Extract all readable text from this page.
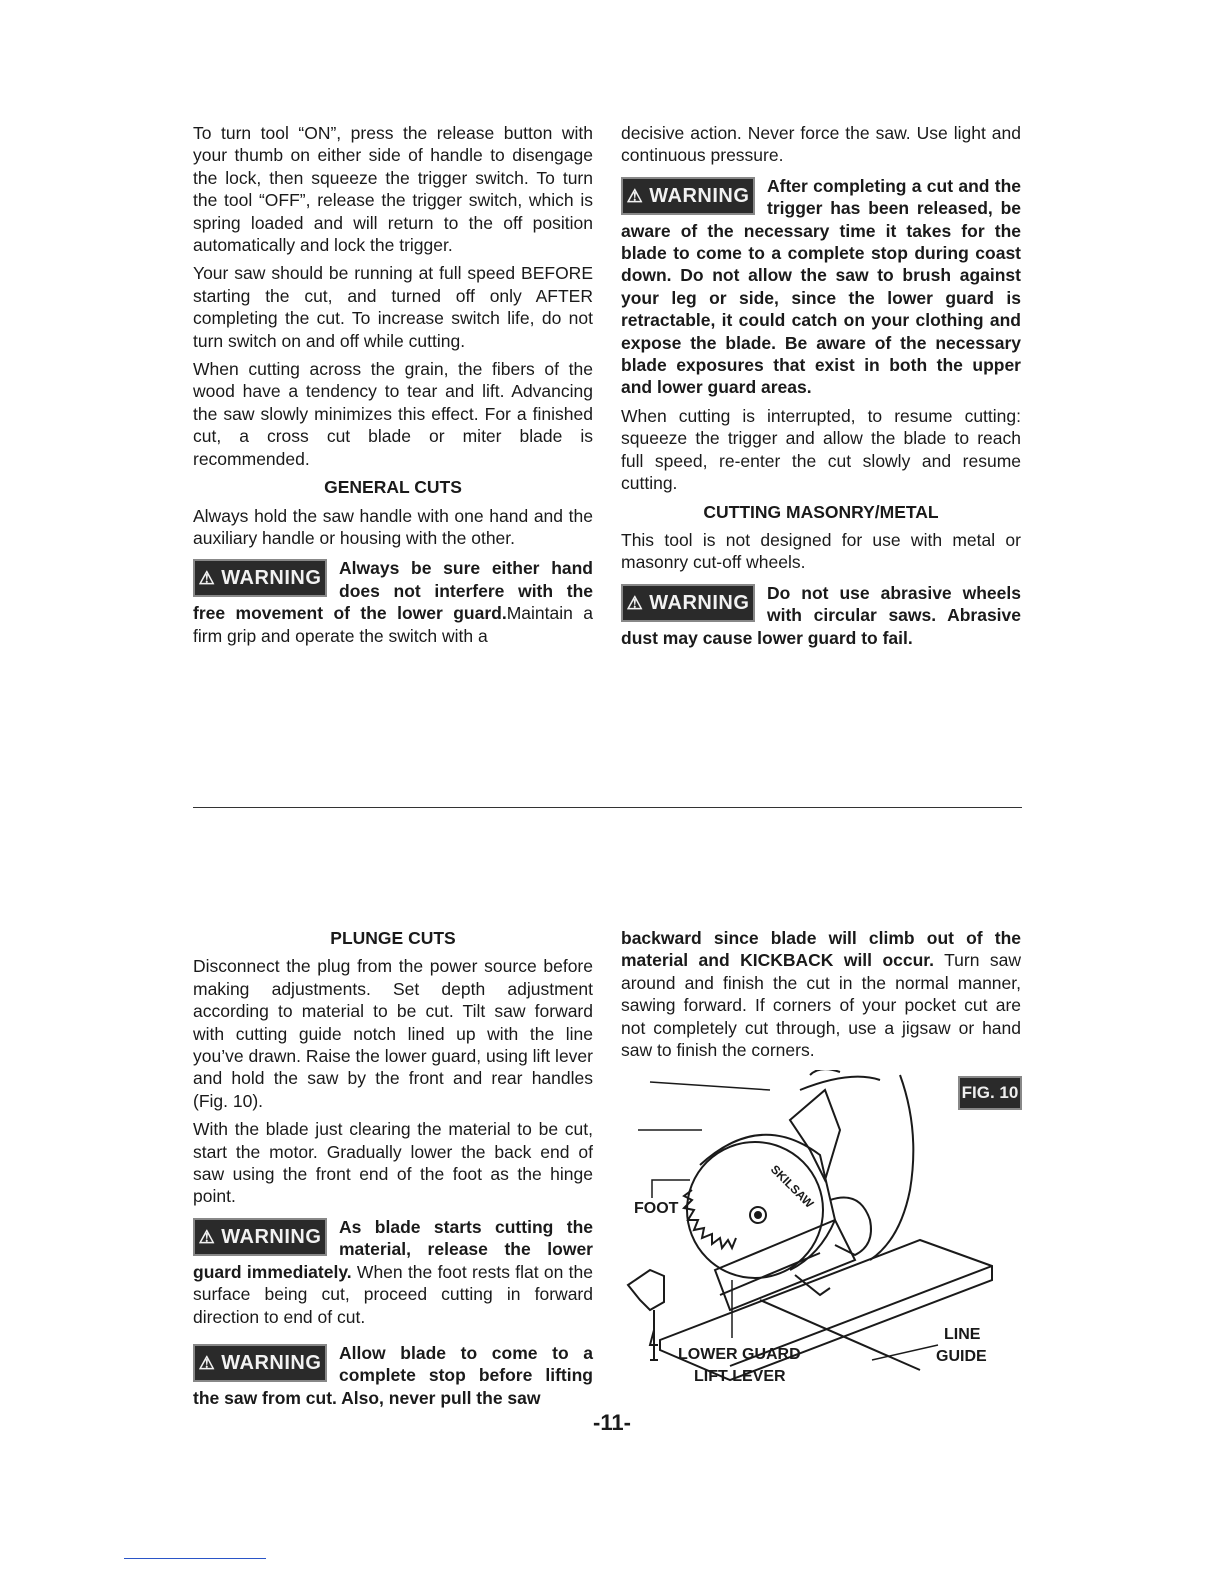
To turn tool “ON”, press the release button with your thumb on either side of handle to disengage the lock, then squeeze the trigger switch. To turn the tool “OFF”, release the trigger switch, which is spring loaded and will return to the off position automatically and lock the trigger.

Your saw should be running at full speed BEFORE starting the cut, and turned off only AFTER completing the cut. To increase switch life, do not turn switch on and off while cutting.

When cutting across the grain, the fibers of the wood have a tendency to tear and lift. Advancing the saw slowly minimizes this effect. For a finished cut, a cross cut blade or miter blade is recommended.

GENERAL CUTS

Always hold the saw handle with one hand and the auxiliary handle or housing with the other.

⚠ WARNING Always be sure either hand does not interfere with the free movement of the lower guard.Maintain a firm grip and operate the switch with a

decisive action. Never force the saw. Use light and continuous pressure.

⚠ WARNING After completing a cut and the trigger has been released, be aware of the necessary time it takes for the blade to come to a complete stop during coast down. Do not allow the saw to brush against your leg or side, since the lower guard is retractable, it could catch on your clothing and expose the blade. Be aware of the necessary blade exposures that exist in both the upper and lower guard areas.

When cutting is interrupted, to resume cutting: squeeze the trigger and allow the blade to reach full speed, re-enter the cut slowly and resume cutting.

CUTTING MASONRY/METAL

This tool is not designed for use with metal or masonry cut-off wheels.

⚠ WARNING Do not use abrasive wheels with circular saws. Abrasive dust may cause lower guard to fail.

PLUNGE CUTS

Disconnect the plug from the power source before making adjustments. Set depth adjustment according to material to be cut. Tilt saw forward with cutting guide notch lined up with the line you’ve drawn. Raise the lower guard, using lift lever and hold the saw by the front and rear handles (Fig. 10).

With the blade just clearing the material to be cut, start the motor. Gradually lower the back end of saw using the front end of the foot as the hinge point.

⚠ WARNING As blade starts cutting the material, release the lower guard immediately. When the foot rests flat on the surface being cut, proceed cutting in forward direction to end of cut.
⚠ WARNING Allow blade to come to a complete stop before lifting the saw from cut. Also, never pull the saw

backward since blade will climb out of the material and KICKBACK will occur. Turn saw around and finish the cut in the normal manner, sawing forward. If corners of your pocket cut are not completely cut through, use a jigsaw or hand saw to finish the corners.

SKILSAW
FIG. 10
FOOT
LOWER GUARD
LIFT LEVER
LINE
GUIDE
-11-
